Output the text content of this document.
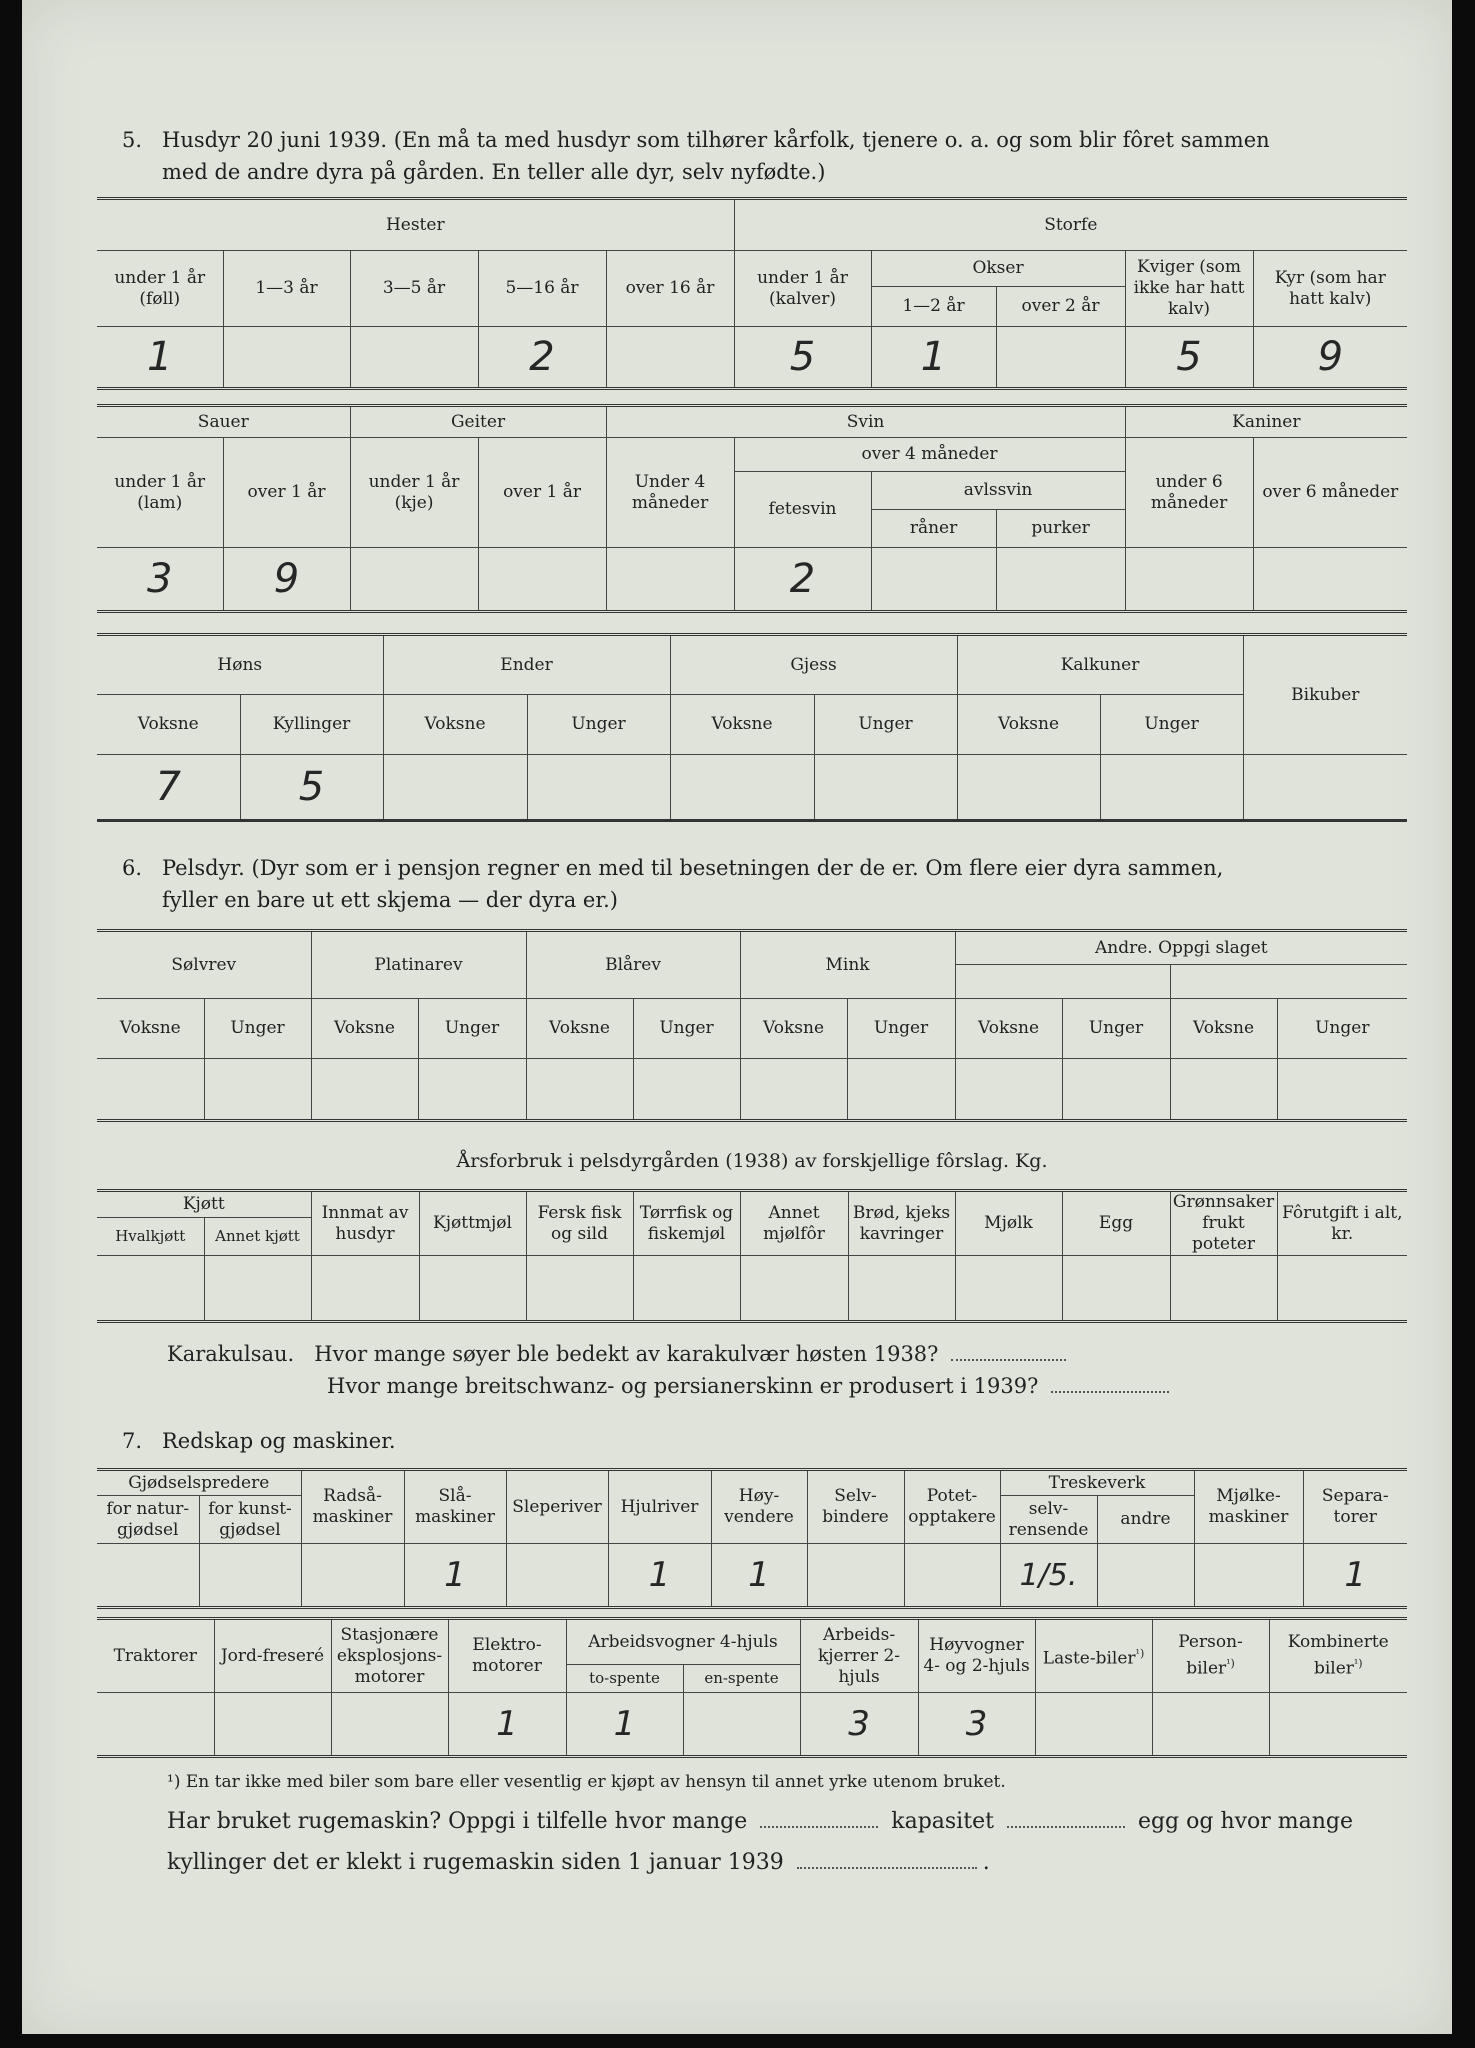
5. Husdyr 20 juni 1939. (En må ta med husdyr som tilhører kårfolk, tjenere o. a. og som blir fôret sammen
med de andre dyra på gården. En teller alle dyr, selv nyfødte.)
Hester					Storfe				
under 1 år (føll)	1—3 år	3—5 år	5—16 år	over 16 år	under 1 år (kalver)	Okser		Kviger (som ikke har hatt kalv)	Kyr (som har hatt kalv)
						1—2 år	over 2 år		
1			2		5	1		5	9
Sauer		Geiter		Svin				Kaniner	
under 1 år (lam)	over 1 år	under 1 år (kje)	over 1 år	Under 4 måneder	over 4 måneder			under 6 måneder	over 6 måneder
					fetesvin	avlssvin			
						råner	purker		
3	9				2				
Høns		Ender		Gjess		Kalkuner		Bikuber
Voksne	Kyllinger	Voksne	Unger	Voksne	Unger	Voksne	Unger	
7	5							
6. Pelsdyr. (Dyr som er i pensjon regner en med til besetningen der de er. Om flere eier dyra sammen,
fyller en bare ut ett skjema — der dyra er.)
Sølvrev		Platinarev		Blårev		Mink		Andre. Oppgi slaget			

Voksne	Unger	Voksne	Unger	Voksne	Unger	Voksne	Unger	Voksne	Unger	Voksne	Unger

Årsforbruk i pelsdyrgården (1938) av forskjellige fôrslag. Kg.
Kjøtt		Innmat av husdyr	Kjøttmjøl	Fersk fisk og sild	Tørrfisk og fiskemjøl	Annet mjølfôr	Brød, kjeks kavringer	Mjølk	Egg	Grønnsaker frukt poteter	Fôrutgift i alt, kr.
Hvalkjøtt	Annet kjøtt										

Karakulsau. Hvor mange søyer ble bedekt av karakulvær høsten 1938?
Hvor mange breitschwanz- og persianerskinn er produsert i 1939?
7. Redskap og maskiner.
Gjødselspredere		Radså-maskiner	Slå-maskiner	Sleperiver	Hjulriver	Høy-vendere	Selv-bindere	Potet-opptakere	Treskeverk		Mjølke-maskiner	Separa-torer
for natur-gjødsel	for kunst-gjødsel								selv-rensende	andre		
			1		1	1			1/5.			1
Traktorer	Jord-freseré	Stasjonære eksplosjons-motorer	Elektro-motorer	Arbeidsvogner 4-hjuls		Arbeids-kjerrer 2-hjuls	Høyvogner 4- og 2-hjuls	Laste-biler$^{^1)}$	Person-biler$^{^1)}$	Kombinerte biler$^{^1)}$
				to-spente	en-spente					
			1	1		3	3			
¹) En tar ikke med biler som bare eller vesentlig er kjøpt av hensyn til annet yrke utenom bruket.
Har bruket rugemaskin? Oppgi i tilfelle hvor mange	kapasitet	egg og hvor mange
kyllinger det er klekt i rugemaskin siden 1 januar 1939	.
